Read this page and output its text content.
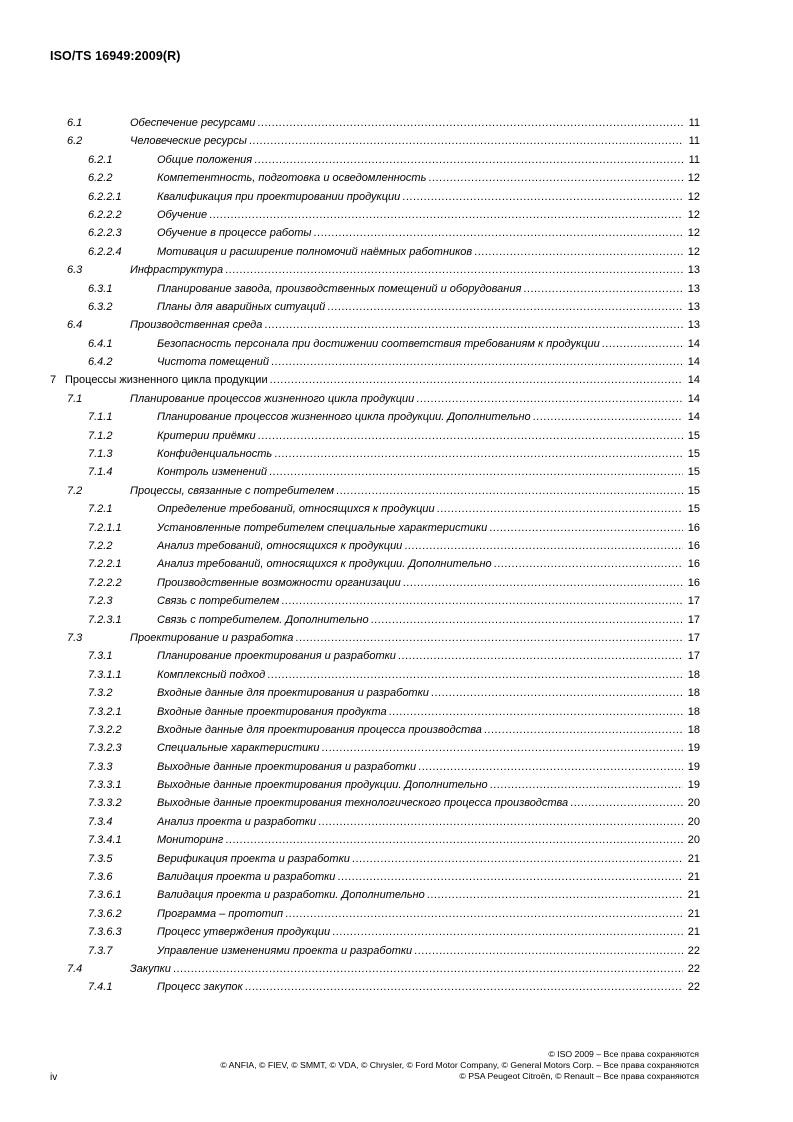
ISO/TS 16949:2009(R)
6.1	Обеспечение ресурсами .....	11
6.2	Человеческие ресурсы .....	11
6.2.1	Общие положения .....	11
6.2.2	Компетентность, подготовка и осведомленность .....	12
6.2.2.1	Квалификация при проектировании продукции .....	12
6.2.2.2	Обучение .....	12
6.2.2.3	Обучение в процессе работы .....	12
6.2.2.4	Мотивация и расширение полномочий наёмных работников .....	12
6.3	Инфраструктура .....	13
6.3.1	Планирование завода, производственных помещений и оборудования .....	13
6.3.2	Планы для аварийных ситуаций .....	13
6.4	Производственная среда .....	13
6.4.1	Безопасность персонала при достижении соответствия требованиям к продукции .....	14
6.4.2	Чистота помещений .....	14
7 Процессы жизненного цикла продукции .....	14
7.1	Планирование процессов жизненного цикла продукции .....	14
7.1.1	Планирование процессов жизненного цикла продукции. Дополнительно .....	14
7.1.2	Критерии приёмки .....	15
7.1.3	Конфиденциальность .....	15
7.1.4	Контроль изменений .....	15
7.2	Процессы, связанные с потребителем .....	15
7.2.1	Определение требований, относящихся к продукции .....	15
7.2.1.1	Установленные потребителем специальные характеристики .....	16
7.2.2	Анализ требований, относящихся к продукции .....	16
7.2.2.1	Анализ требований, относящихся к продукции. Дополнительно .....	16
7.2.2.2	Производственные возможности организации .....	16
7.2.3	Связь с потребителем .....	17
7.2.3.1	Связь с потребителем. Дополнительно .....	17
7.3	Проектирование и разработка .....	17
7.3.1	Планирование проектирования и разработки .....	17
7.3.1.1	Комплексный подход .....	18
7.3.2	Входные данные для проектирования и разработки .....	18
7.3.2.1	Входные данные проектирования продукта .....	18
7.3.2.2	Входные данные для проектирования процесса производства .....	18
7.3.2.3	Специальные характеристики .....	19
7.3.3	Выходные данные проектирования и разработки .....	19
7.3.3.1	Выходные данные проектирования продукции. Дополнительно .....	19
7.3.3.2	Выходные данные проектирования технологического процесса производства .....	20
7.3.4	Анализ проекта и разработки .....	20
7.3.4.1	Мониторинг .....	20
7.3.5	Верификация проекта и разработки .....	21
7.3.6	Валидация проекта и разработки .....	21
7.3.6.1	Валидация проекта и разработки. Дополнительно .....	21
7.3.6.2	Программа – прототип .....	21
7.3.6.3	Процесс утверждения продукции .....	21
7.3.7	Управление изменениями проекта и разработки .....	22
7.4	Закупки .....	22
7.4.1	Процесс закупок .....	22
© ISO 2009 – Все права сохраняются
© ANFIA, © FIEV, © SMMT, © VDA, © Chrysler, © Ford Motor Company, © General Motors Corp. – Все права сохраняются
© PSA Peugeot Citroën, © Renault – Все права сохраняются
iv
